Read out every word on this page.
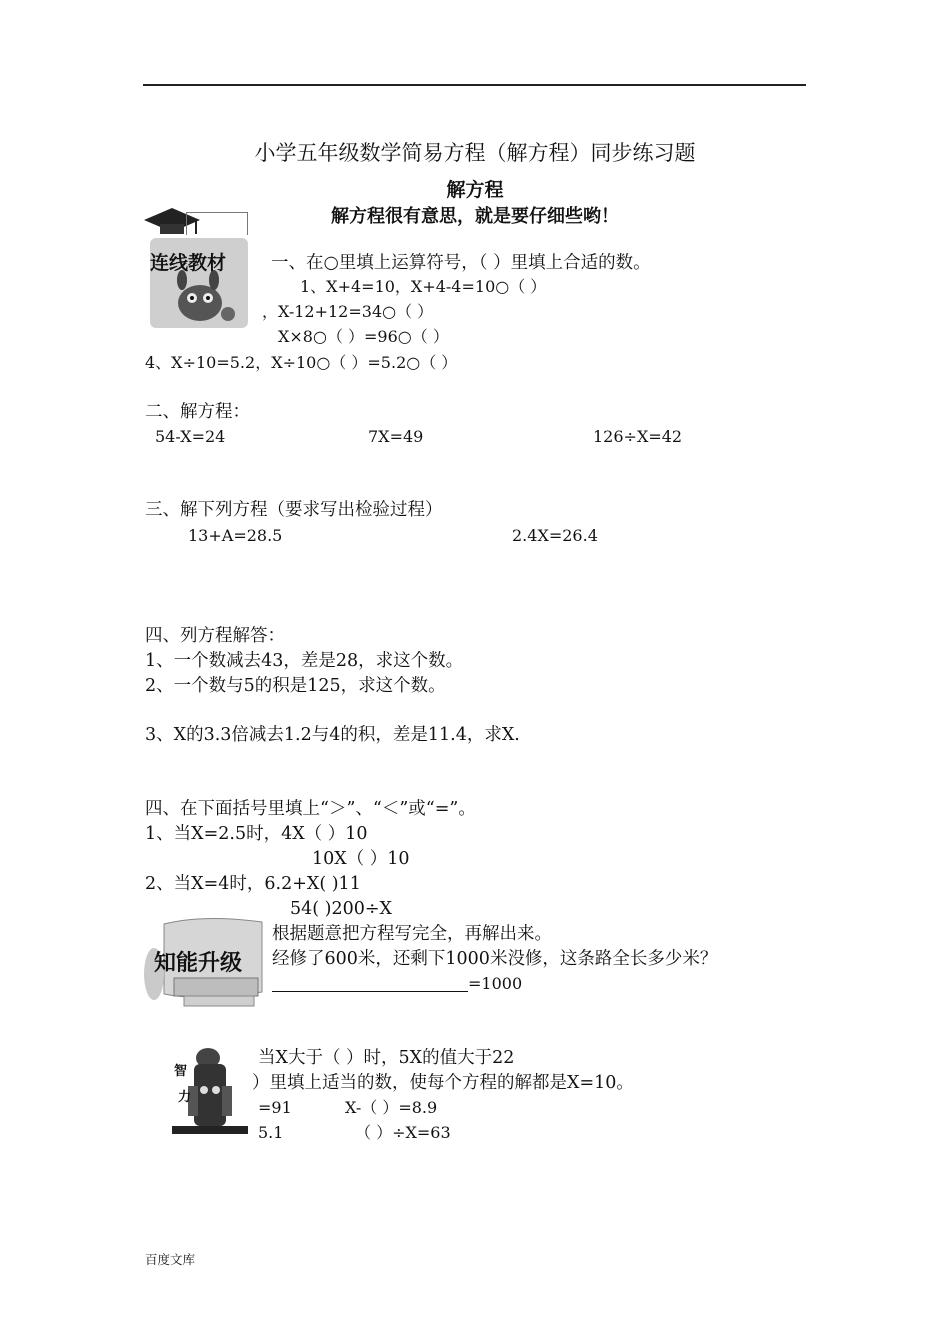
小学五年级数学简易方程（解方程）同步练习题
解方程
解方程很有意思，就是要仔细些哟！
连线教材	一、在○里填上运算符号，（ ）里填上合适的数。
1、X+4=10，X+4-4=10○（ ）
，X-12+12=34○（ ）
X×8○（ ）=96○（ ）
4、X÷10=5.2，X÷10○（ ）=5.2○（ ）
二、解方程：
54-X=24	7X=49	126÷X=42
三、解下列方程（要求写出检验过程）
13+A=28.5	2.4X=26.4
四、列方程解答：
1、一个数减去43，差是28，求这个数。
2、一个数与5的积是125，求这个数。
3、X的3.3倍减去1.2与4的积，差是11.4，求X.
四、在下面括号里填上“＞”、“＜”或“=”。
1、当X=2.5时，4X（ ）10
10X（ ）10
2、当X=4时，6.2+X( )11
54( )200÷X
知能升级
根据题意把方程写完全，再解出来。
经修了600米，还剩下1000米没修，这条路全长多少米？
=1000
智
力
当X大于（ ）时，5X的值大于22
）里填上适当的数，使每个方程的解都是X=10。
=91	X-（ ）=8.9
5.1	（ ）÷X=63
百度文库
